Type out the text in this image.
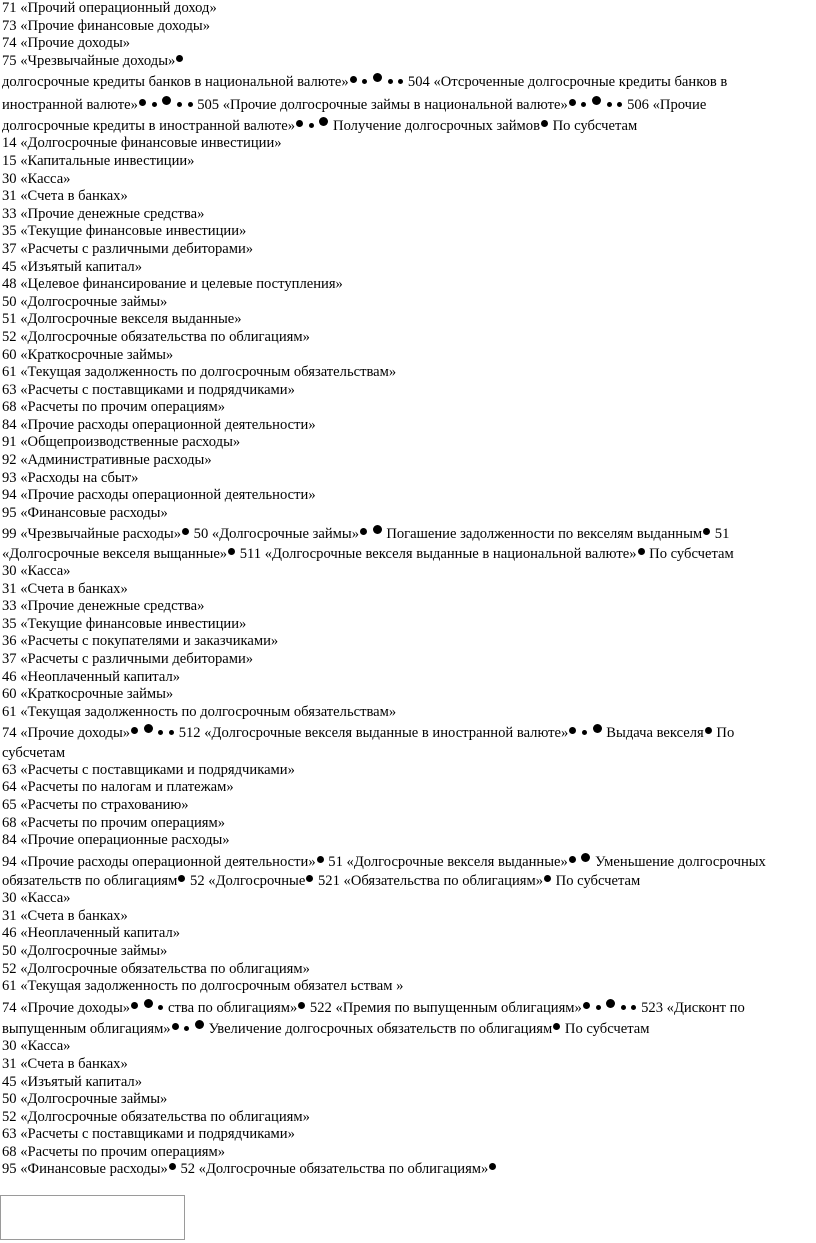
71 «Прочий операционный доход»
73 «Прочие финансовые доходы»
74 «Прочие доходы»
75 «Чрезвычайные доходы»
долгосрочные кредиты банков в национальной валюте»	504 «Отсроченные долгосрочные кредиты банков в
иностранной валюте»	505 «Прочие долгосрочные займы в национальной валюте»	506 «Прочие
долгосрочные кредиты в иностранной валюте»	Получение долгосрочных займов По субсчетам
14 «Долгосрочные финансовые инвестиции»
15 «Капитальные инвестиции»
30 «Касса»
31 «Счета в банках»
33 «Прочие денежные средства»
35 «Текущие финансовые инвестиции»
37 «Расчеты с различными дебиторами»
45 «Изъятый капитал»
48 «Целевое финансирование и целевые поступления»
50 «Долгосрочные займы»
51 «Долгосрочные векселя выданные»
52 «Долгосрочные обязательства по облигациям»
60 «Краткосрочные займы»
61 «Текущая задолженность по долгосрочным обязательствам»
63 «Расчеты с поставщиками и подрядчиками»
68 «Расчеты по прочим операциям»
84 «Прочие расходы операционной деятельности»
91 «Общепроизводственные расходы»
92 «Административные расходы»
93 «Расходы на сбыт»
94 «Прочие расходы операционной деятельности»
95 «Финансовые расходы»
99 «Чрезвычайные расходы» 50 «Долгосрочные займы» Погашение задолженности по векселям выданным 51
«Долгосрочные векселя выщанные» 511 «Долгосрочные векселя выданные в национальной валюте» По субсчетам
30 «Касса»
31 «Счета в банках»
33 «Прочие денежные средства»
35 «Текущие финансовые инвестиции»
36 «Расчеты с покупателями и заказчиками»
37 «Расчеты с различными дебиторами»
46 «Неоплаченный капитал»
60 «Краткосрочные займы»
61 «Текущая задолженность по долгосрочным обязательствам»
74 «Прочие доходы»	512 «Долгосрочные векселя выданные в иностранной валюте»	Выдача векселя По
субсчетам
63 «Расчеты с поставщиками и подрядчиками»
64 «Расчеты по налогам и платежам»
65 «Расчеты по страхованию»
68 «Расчеты по прочим операциям»
84 «Прочие операционные расходы»
94 «Прочие расходы операционной деятельности» 51 «Долгосрочные векселя выданные» Уменьшение долгосрочных
обязательств по облигациям 52 «Долгосрочные 521 «Обязательства по облигациям» По субсчетам
30 «Касса»
31 «Счета в банках»
46 «Неоплаченный капитал»
50 «Долгосрочные займы»
52 «Долгосрочные обязательства по облигациям»
61 «Текущая задолженность по долгосрочным обязател ьствам »
74 «Прочие доходы»	ства по облигациям» 522 «Премия по выпущенным облигациям»	523 «Дисконт по
выпущенным облигациям»	Увеличение долгосрочных обязательств по облигациям По субсчетам
30 «Касса»
31 «Счета в банках»
45 «Изъятый капитал»
50 «Долгосрочные займы»
52 «Долгосрочные обязательства по облигациям»
63 «Расчеты с поставщиками и подрядчиками»
68 «Расчеты по прочим операциям»
95 «Финансовые расходы» 52 «Долгосрочные обязательства по облигациям»
